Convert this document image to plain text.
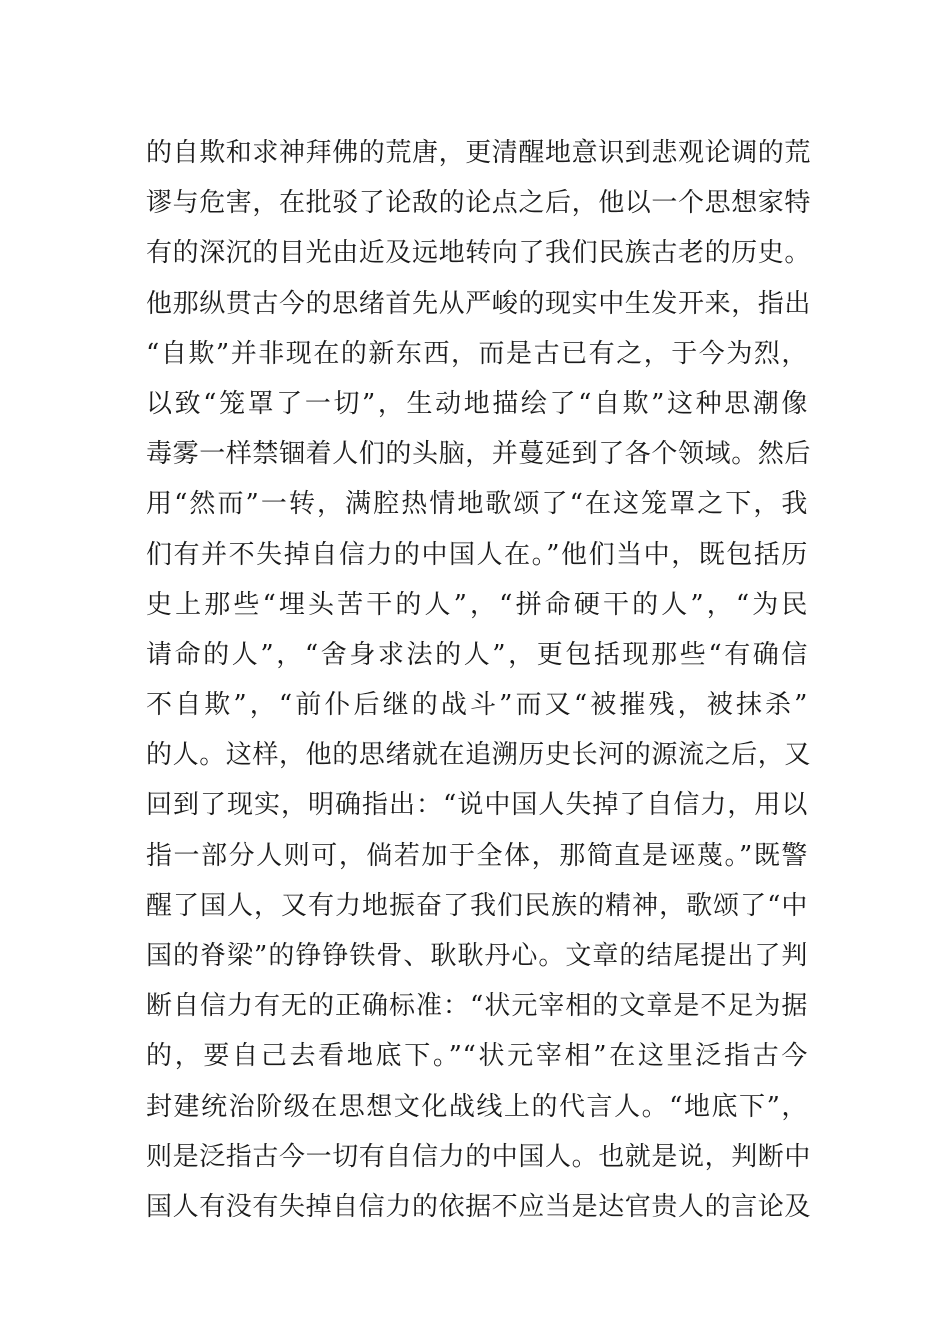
的自欺和求神拜佛的荒唐，更清醒地意识到悲观论调的荒
谬与危害，在批驳了论敌的论点之后，他以一个思想家特
有的深沉的目光由近及远地转向了我们民族古老的历史。
他那纵贯古今的思绪首先从严峻的现实中生发开来，指出
“自欺”并非现在的新东西，而是古已有之，于今为烈，
以致“笼罩了一切”，生动地描绘了“自欺”这种思潮像
毒雾一样禁锢着人们的头脑，并蔓延到了各个领域。然后
用“然而”一转，满腔热情地歌颂了“在这笼罩之下，我
们有并不失掉自信力的中国人在。”他们当中，既包括历
史上那些“埋头苦干的人”，“拼命硬干的人”，“为民
请命的人”，“舍身求法的人”，更包括现那些“有确信
不自欺”，“前仆后继的战斗”而又“被摧残，被抹杀”
的人。这样，他的思绪就在追溯历史长河的源流之后，又
回到了现实，明确指出：“说中国人失掉了自信力，用以
指一部分人则可，倘若加于全体，那简直是诬蔑。”既警
醒了国人，又有力地振奋了我们民族的精神，歌颂了“中
国的脊梁”的铮铮铁骨、耿耿丹心。文章的结尾提出了判
断自信力有无的正确标准：“状元宰相的文章是不足为据
的，要自己去看地底下。”“状元宰相”在这里泛指古今
封建统治阶级在思想文化战线上的代言人。“地底下”，
则是泛指古今一切有自信力的中国人。也就是说，判断中
国人有没有失掉自信力的依据不应当是达官贵人的言论及
